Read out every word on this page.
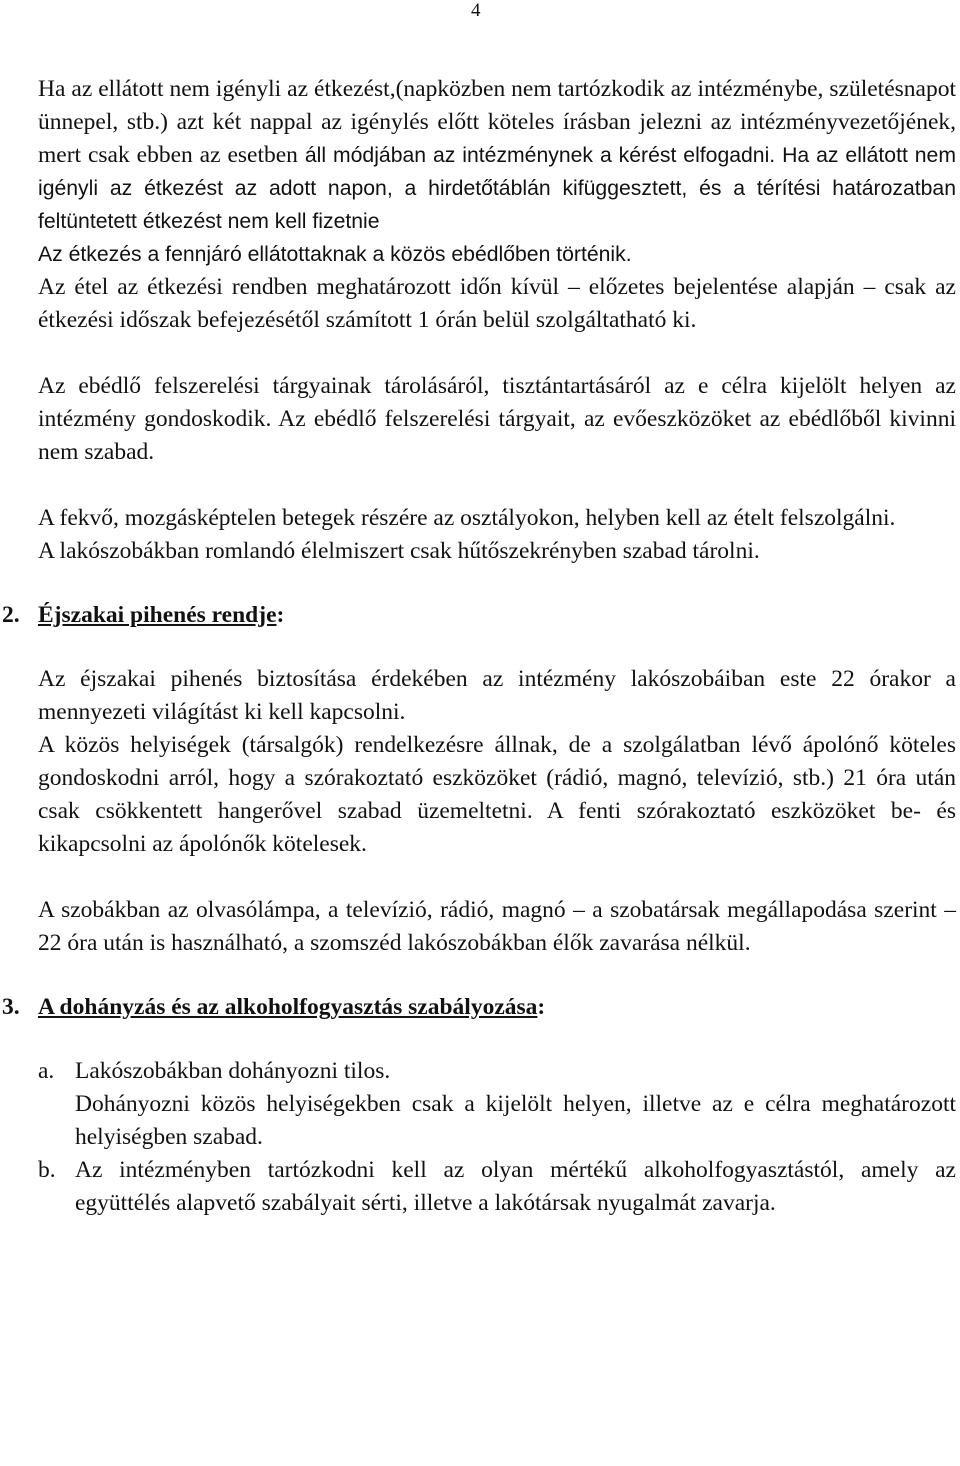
4

Ha az ellátott nem igényli az étkezést,(napközben nem tartózkodik az intézménybe, születésnapot ünnepel, stb.) azt két nappal az igénylés előtt köteles írásban jelezni az intézményvezetőjének, mert csak ebben az esetben áll módjában az intézménynek a kérést elfogadni. Ha az ellátott nem igényli az étkezést az adott napon, a hirdetőtáblán kifüggesztett, és a térítési határozatban feltüntetett étkezést nem kell fizetnie

Az étkezés a fennjáró ellátottaknak a közös ebédlőben történik.

Az étel az étkezési rendben meghatározott időn kívül – előzetes bejelentése alapján – csak az étkezési időszak befejezésétől számított 1 órán belül szolgáltatható ki.

Az ebédlő felszerelési tárgyainak tárolásáról, tisztántartásáról az e célra kijelölt helyen az intézmény gondoskodik. Az ebédlő felszerelési tárgyait, az evőeszközöket az ebédlőből kivinni nem szabad.

A fekvő, mozgásképtelen betegek részére az osztályokon, helyben kell az ételt felszolgálni.

A lakószobákban romlandó élelmiszert csak hűtőszekrényben szabad tárolni.

2. Éjszakai pihenés rendje:

Az éjszakai pihenés biztosítása érdekében az intézmény lakószobáiban este 22 órakor a mennyezeti világítást ki kell kapcsolni.

A közös helyiségek (társalgók) rendelkezésre állnak, de a szolgálatban lévő ápolónő köteles gondoskodni arról, hogy a szórakoztató eszközöket (rádió, magnó, televízió, stb.) 21 óra után csak csökkentett hangerővel szabad üzemeltetni. A fenti szórakoztató eszközöket be- és kikapcsolni az ápolónők kötelesek.

A szobákban az olvasólámpa, a televízió, rádió, magnó – a szobatársak megállapodása szerint – 22 óra után is használható, a szomszéd lakószobákban élők zavarása nélkül.

3. A dohányzás és az alkoholfogyasztás szabályozása:

a. Lakószobákban dohányozni tilos.
Dohányozni közös helyiségekben csak a kijelölt helyen, illetve az e célra meghatározott helyiségben szabad.
b. Az intézményben tartózkodni kell az olyan mértékű alkoholfogyasztástól, amely az együttélés alapvető szabályait sérti, illetve a lakótársak nyugalmát zavarja.
